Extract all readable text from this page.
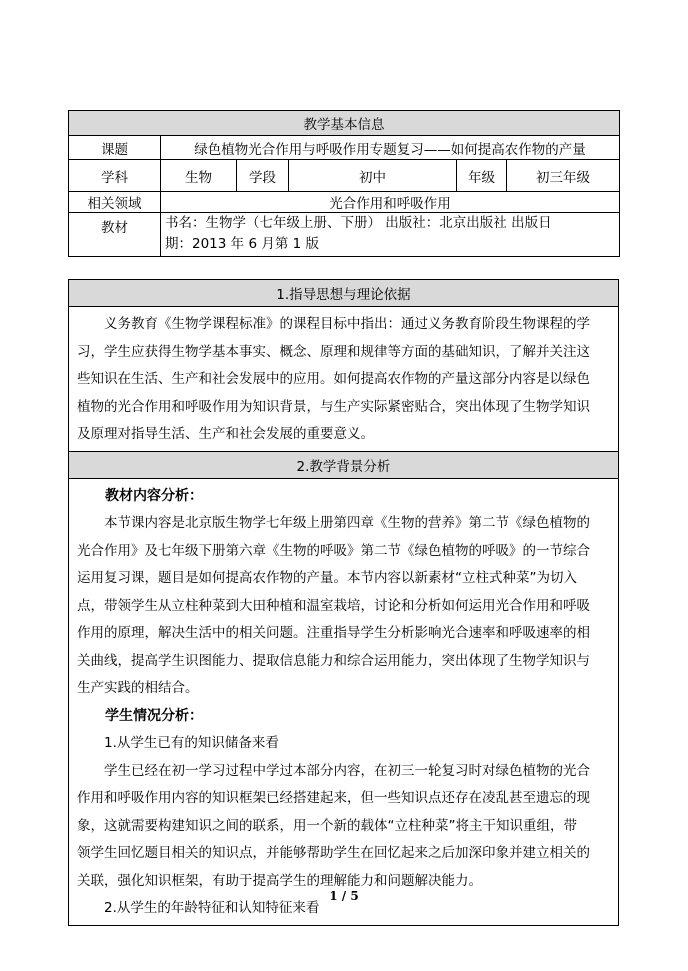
教学基本信息					
课题	绿色植物光合作用与呼吸作用专题复习——如何提高农作物的产量				
学科	生物	学段	初中	年级	初三年级
相关领域	光合作用和呼吸作用				
教材	书名：生物学（七年级上册、下册） 出版社：北京出版社 出版日
期：2013 年 6 月第 1 版				
1.指导思想与理论依据

义务教育《生物学课程标准》的课程目标中指出：通过义务教育阶段生物课程的学

习，学生应获得生物学基本事实、概念、原理和规律等方面的基础知识，了解并关注这

些知识在生活、生产和社会发展中的应用。如何提高农作物的产量这部分内容是以绿色

植物的光合作用和呼吸作用为知识背景，与生产实际紧密贴合，突出体现了生物学知识

及原理对指导生活、生产和社会发展的重要意义。

2.教学背景分析

教材内容分析：

本节课内容是北京版生物学七年级上册第四章《生物的营养》第二节《绿色植物的

光合作用》及七年级下册第六章《生物的呼吸》第二节《绿色植物的呼吸》的一节综合

运用复习课，题目是如何提高农作物的产量。本节内容以新素材“立柱式种菜”为切入

点，带领学生从立柱种菜到大田种植和温室栽培，讨论和分析如何运用光合作用和呼吸

作用的原理，解决生活中的相关问题。注重指导学生分析影响光合速率和呼吸速率的相

关曲线，提高学生识图能力、提取信息能力和综合运用能力，突出体现了生物学知识与

生产实践的相结合。

学生情况分析：

1.从学生已有的知识储备来看

学生已经在初一学习过程中学过本部分内容，在初三一轮复习时对绿色植物的光合

作用和呼吸作用内容的知识框架已经搭建起来，但一些知识点还存在凌乱甚至遗忘的现

象，这就需要构建知识之间的联系，用一个新的载体“立柱种菜”将主干知识重组，带

领学生回忆题目相关的知识点，并能够帮助学生在回忆起来之后加深印象并建立相关的

关联，强化知识框架，有助于提高学生的理解能力和问题解决能力。

2.从学生的年龄特征和认知特征来看

1 / 5
